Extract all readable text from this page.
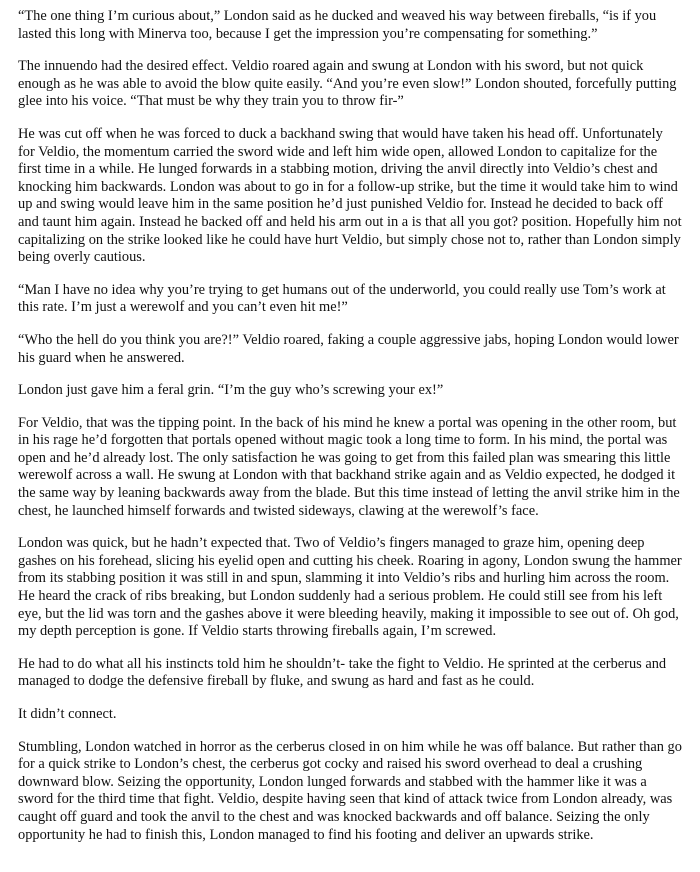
“The one thing I’m curious about,” London said as he ducked and weaved his way between fireballs, “is if you lasted this long with Minerva too, because I get the impression you’re compensating for something.”

The innuendo had the desired effect. Veldio roared again and swung at London with his sword, but not quick enough as he was able to avoid the blow quite easily. “And you’re even slow!” London shouted, forcefully putting glee into his voice. “That must be why they train you to throw fir-”

He was cut off when he was forced to duck a backhand swing that would have taken his head off. Unfortunately for Veldio, the momentum carried the sword wide and left him wide open, allowed London to capitalize for the first time in a while. He lunged forwards in a stabbing motion, driving the anvil directly into Veldio’s chest and knocking him backwards. London was about to go in for a follow-up strike, but the time it would take him to wind up and swing would leave him in the same position he’d just punished Veldio for. Instead he decided to back off and taunt him again. Instead he backed off and held his arm out in a is that all you got? position. Hopefully him not capitalizing on the strike looked like he could have hurt Veldio, but simply chose not to, rather than London simply being overly cautious.

“Man I have no idea why you’re trying to get humans out of the underworld, you could really use Tom’s work at this rate. I’m just a werewolf and you can’t even hit me!”

“Who the hell do you think you are?!” Veldio roared, faking a couple aggressive jabs, hoping London would lower his guard when he answered.

London just gave him a feral grin. “I’m the guy who’s screwing your ex!”

For Veldio, that was the tipping point. In the back of his mind he knew a portal was opening in the other room, but in his rage he’d forgotten that portals opened without magic took a long time to form. In his mind, the portal was open and he’d already lost. The only satisfaction he was going to get from this failed plan was smearing this little werewolf across a wall. He swung at London with that backhand strike again and as Veldio expected, he dodged it the same way by leaning backwards away from the blade. But this time instead of letting the anvil strike him in the chest, he launched himself forwards and twisted sideways, clawing at the werewolf’s face.

London was quick, but he hadn’t expected that. Two of Veldio’s fingers managed to graze him, opening deep gashes on his forehead, slicing his eyelid open and cutting his cheek. Roaring in agony, London swung the hammer from its stabbing position it was still in and spun, slamming it into Veldio’s ribs and hurling him across the room. He heard the crack of ribs breaking, but London suddenly had a serious problem. He could still see from his left eye, but the lid was torn and the gashes above it were bleeding heavily, making it impossible to see out of. Oh god, my depth perception is gone. If Veldio starts throwing fireballs again, I’m screwed.

He had to do what all his instincts told him he shouldn’t- take the fight to Veldio. He sprinted at the cerberus and managed to dodge the defensive fireball by fluke, and swung as hard and fast as he could.

It didn’t connect.

Stumbling, London watched in horror as the cerberus closed in on him while he was off balance. But rather than go for a quick strike to London’s chest, the cerberus got cocky and raised his sword overhead to deal a crushing downward blow. Seizing the opportunity, London lunged forwards and stabbed with the hammer like it was a sword for the third time that fight. Veldio, despite having seen that kind of attack twice from London already, was caught off guard and took the anvil to the chest and was knocked backwards and off balance. Seizing the only opportunity he had to finish this, London managed to find his footing and deliver an upwards strike.
